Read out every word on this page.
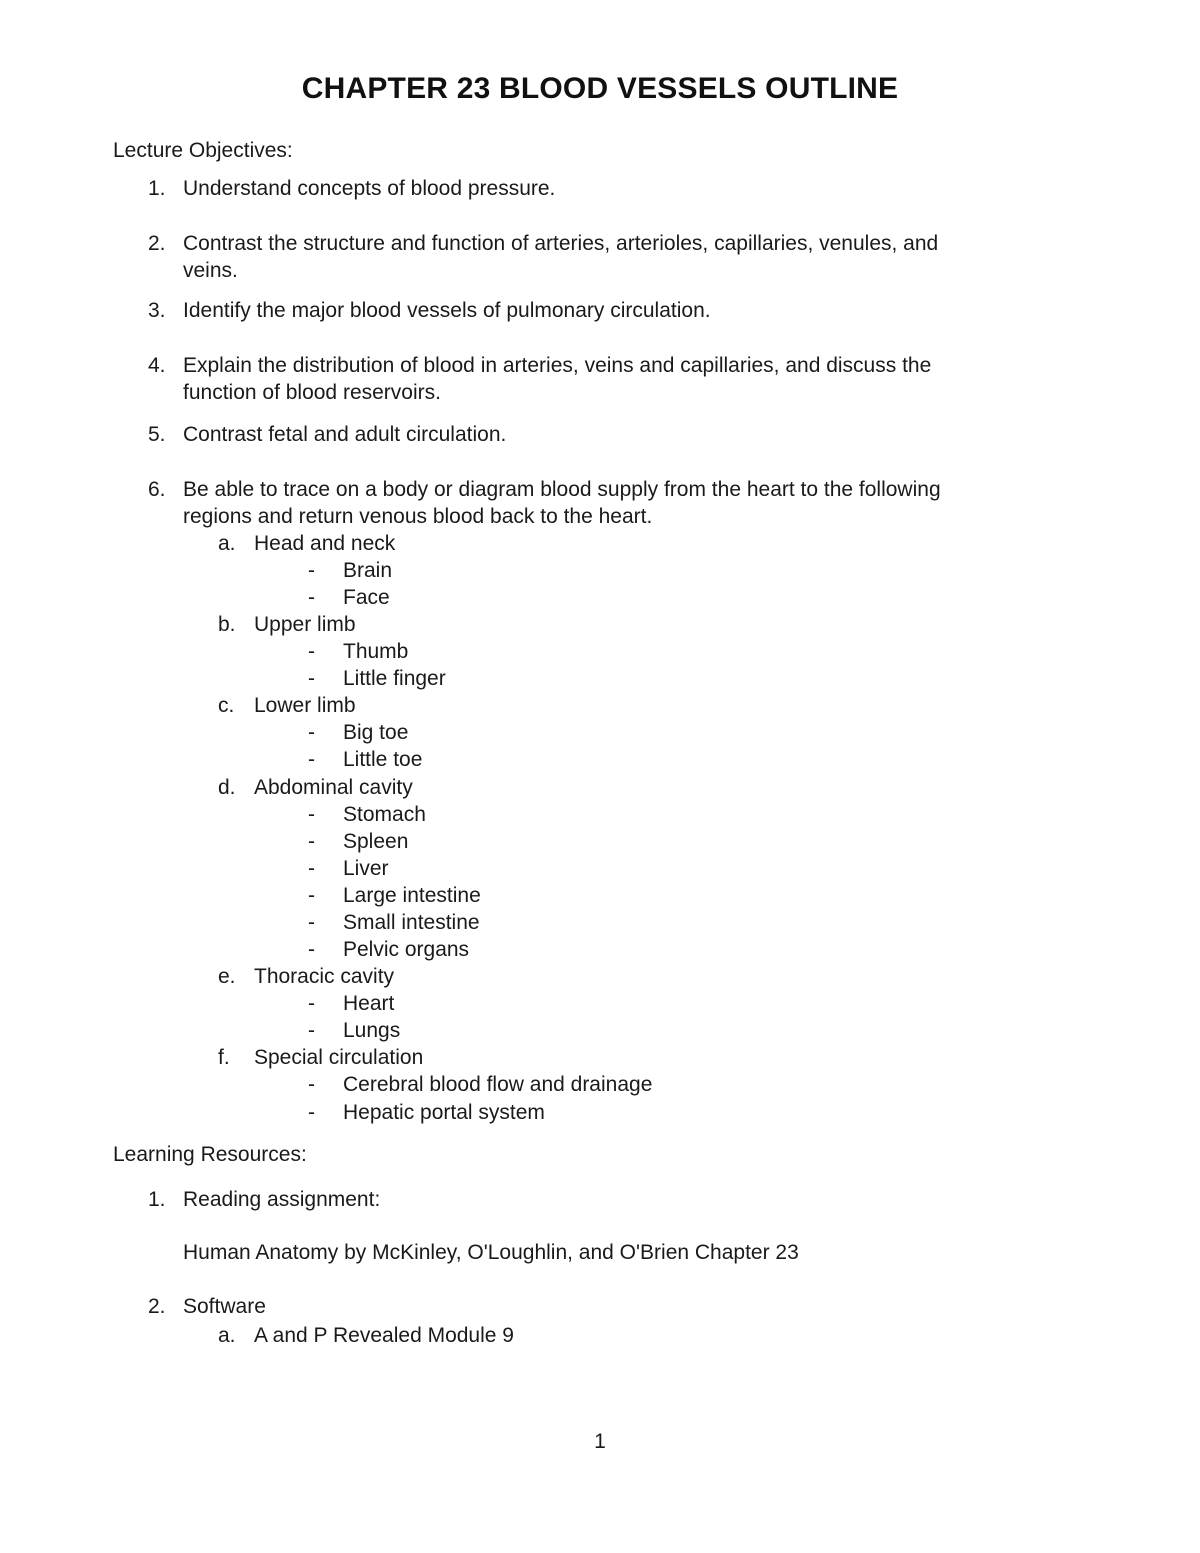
CHAPTER 23 BLOOD VESSELS OUTLINE
Lecture Objectives:
1. Understand concepts of blood pressure.
2. Contrast the structure and function of arteries, arterioles, capillaries, venules, and
veins.
3. Identify the major blood vessels of pulmonary circulation.
4. Explain the distribution of blood in arteries, veins and capillaries, and discuss the
function of blood reservoirs.
5. Contrast fetal and adult circulation.
6. Be able to trace on a body or diagram blood supply from the heart to the following
regions and return venous blood back to the heart.
a. Head and neck
- Brain
- Face
b. Upper limb
- Thumb
- Little finger
c. Lower limb
- Big toe
- Little toe
d. Abdominal cavity
- Stomach
- Spleen
- Liver
- Large intestine
- Small intestine
- Pelvic organs
e. Thoracic cavity
- Heart
- Lungs
f. Special circulation
- Cerebral blood flow and drainage
- Hepatic portal system
Learning Resources:
1. Reading assignment:
Human Anatomy by McKinley, O'Loughlin, and O'Brien Chapter 23
2. Software
a. A and P Revealed Module 9
1
